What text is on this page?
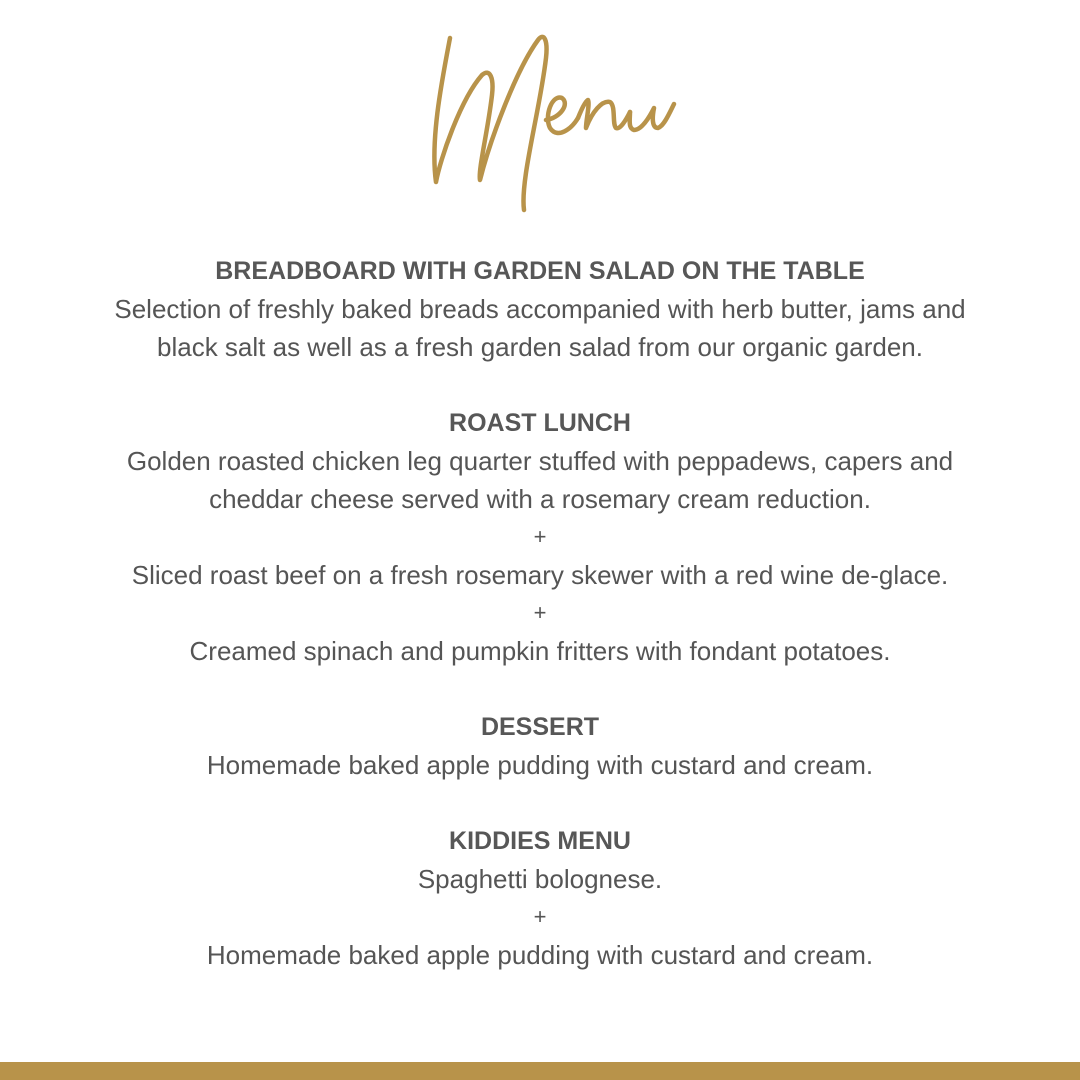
BREADBOARD WITH GARDEN SALAD ON THE TABLE

Selection of freshly baked breads accompanied with herb butter, jams and

black salt as well as a fresh garden salad from our organic garden.

ROAST LUNCH

Golden roasted chicken leg quarter stuffed with peppadews, capers and

cheddar cheese served with a rosemary cream reduction.

+

Sliced roast beef on a fresh rosemary skewer with a red wine de-glace.

+

Creamed spinach and pumpkin fritters with fondant potatoes.

DESSERT

Homemade baked apple pudding with custard and cream.

KIDDIES MENU

Spaghetti bolognese.

+

Homemade baked apple pudding with custard and cream.
